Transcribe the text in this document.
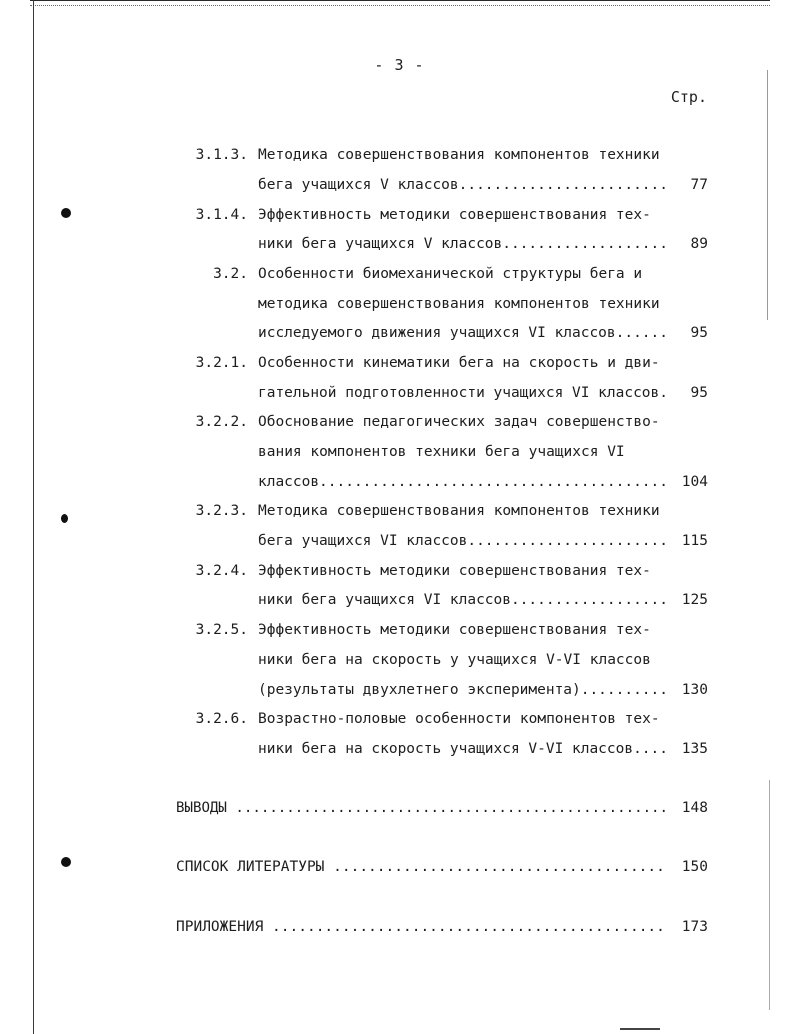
- 3 -
Стр.
3.1.3. Методика совершенствования компонентов техники
бега учащихся V классов........................	77
3.1.4. Эффективность методики совершенствования тех-
ники бега учащихся V классов...................	89
3.2. Особенности биомеханической структуры бега и
методика совершенствования компонентов техники
исследуемого движения учащихся VI классов......	95
3.2.1. Особенности кинематики бега на скорость и дви-
гательной подготовленности учащихся VI классов.	95
3.2.2. Обоснование педагогических задач совершенство-
вания компонентов техники бега учащихся VI
классов........................................ 104
3.2.3. Методика совершенствования компонентов техники
бега учащихся VI классов....................... 115
3.2.4. Эффективность методики совершенствования тех-
ники бега учащихся VI классов.................. 125
3.2.5. Эффективность методики совершенствования тех-
ники бега на скорость у учащихся V-VI классов
(результаты двухлетнего эксперимента).......... 130
3.2.6. Возрастно-половые особенности компонентов тех-
ники бега на скорость учащихся V-VI классов.... 135
ВЫВОДЫ ................................................... 148
СПИСОК ЛИТЕРАТУРЫ ......................................	150
ПРИЛОЖЕНИЯ .............................................	173
